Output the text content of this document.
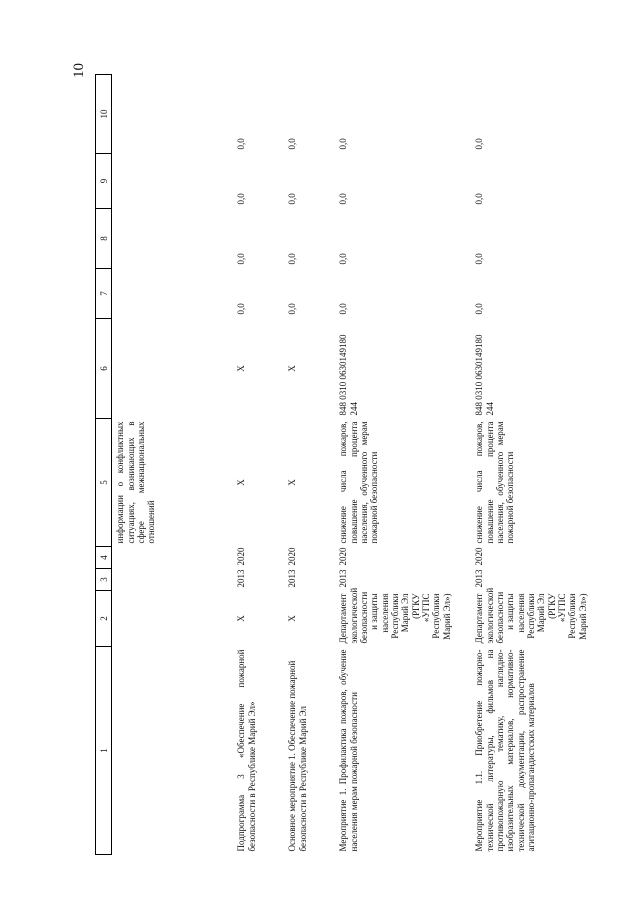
10
1	2	3	4	5	6	7	8	9	10
				информации о конфликтных ситуациях, возникающих в сфере межнациональных отношений					
Подпрограмма 3 «Обеспечение пожарной безопасности в Республике Марий Эл»	X	2013	2020	X	X	0,0	0,0	0,0	0,0
Основное мероприятие 1. Обеспечение пожарной безопасности в Республике Марий Эл	X	2013	2020	X	X	0,0	0,0	0,0	0,0
Мероприятие 1. Профилактика пожаров, обучение населения мерам пожарной безопасности	Департамент экологической безопасности и защиты населения Республики Марий Эл (РГКУ «УГПС Республики Марий Эл»)	2013	2020	снижение числа пожаров, повышение процента населения, обученного мерам пожарной безопасности	848 0310 0630149180 244	0,0	0,0	0,0	0,0
Мероприятие 1.1. Приобретение пожарно-технической литературы, фильмов на противопожарную тематику, наглядно-изобразительных материалов, нормативно-технической документации, распространение агитационно-пропагандистских материалов	Департамент экологической безопасности и защиты населения Республики Марий Эл (РГКУ «УГПС Республики Марий Эл»)	2013	2020	снижение числа пожаров, повышение процента населения, обученного мерам пожарной безопасности	848 0310 0630149180 244	0,0	0,0	0,0	0,0
